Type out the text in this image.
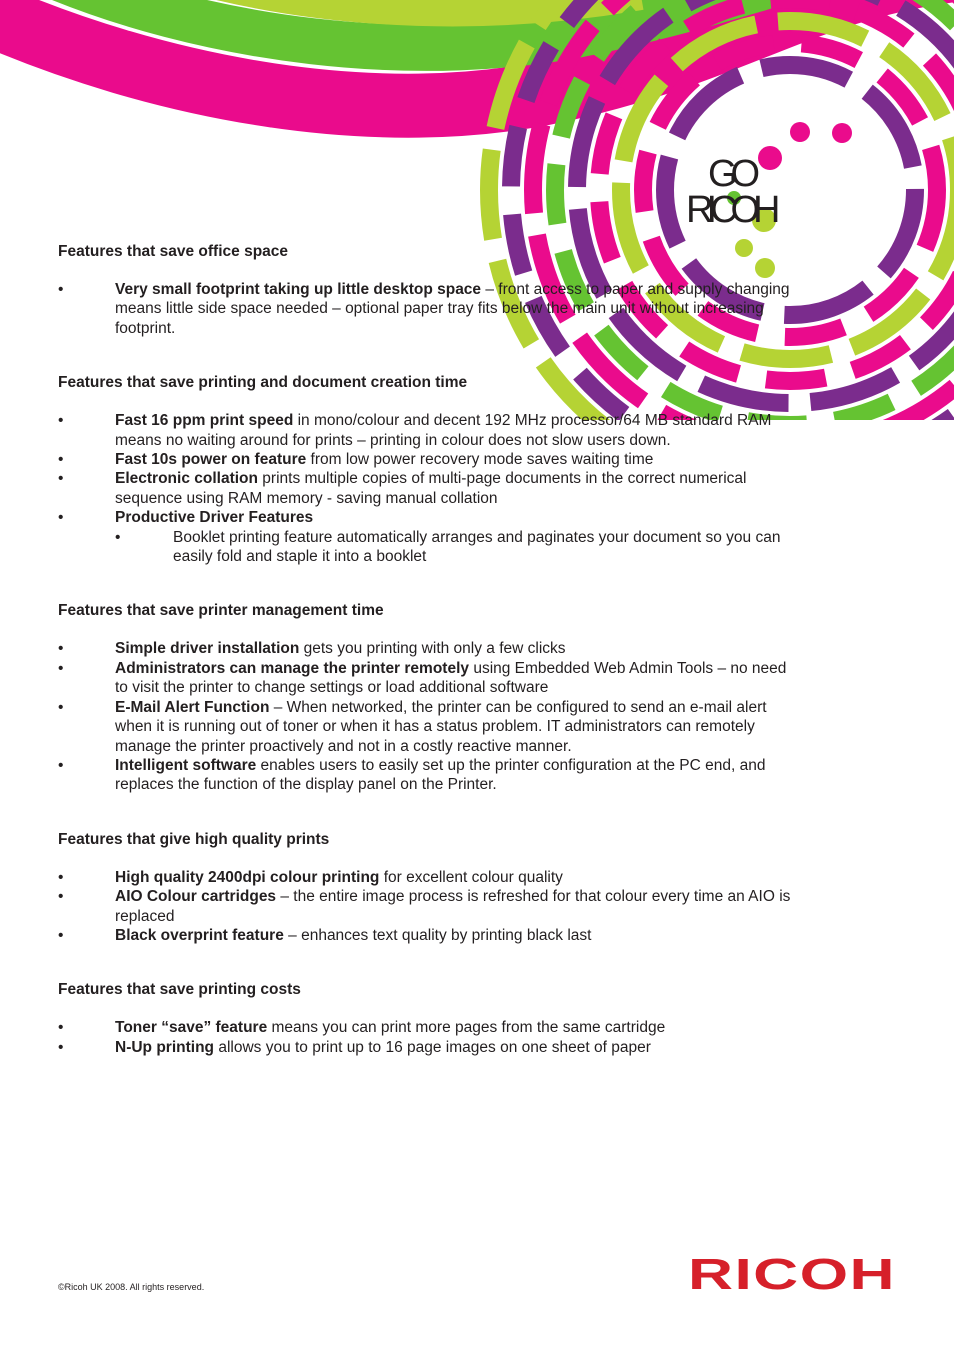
GO
RICOH
Features that save office space
•	Very small footprint taking up little desktop space – front access to paper and supply changing means little side space needed – optional paper tray fits below the main unit without increasing footprint.
Features that save printing and document creation time
•	Fast 16 ppm print speed in mono/colour and decent 192 MHz processor/64 MB standard RAM means no waiting around for prints – printing in colour does not slow users down.
•	Fast 10s power on feature from low power recovery mode saves waiting time
•	Electronic collation prints multiple copies of multi-page documents in the correct numerical sequence using RAM memory - saving manual collation
•	Productive Driver Features
•	Booklet printing feature automatically arranges and paginates your document so you can easily fold and staple it into a booklet
Features that save printer management time
•	Simple driver installation gets you printing with only a few clicks
•	Administrators can manage the printer remotely using Embedded Web Admin Tools – no need to visit the printer to change settings or load additional software
•	E-Mail Alert Function – When networked, the printer can be configured to send an e-mail alert when it is running out of toner or when it has a status problem. IT administrators can remotely manage the printer proactively and not in a costly reactive manner.
•	Intelligent software enables users to easily set up the printer configuration at the PC end, and replaces the function of the display panel on the Printer.
Features that give high quality prints
•	High quality 2400dpi colour printing for excellent colour quality
•	AIO Colour cartridges – the entire image process is refreshed for that colour every time an AIO is replaced
•	Black overprint feature – enhances text quality by printing black last
Features that save printing costs
•	Toner “save” feature means you can print more pages from the same cartridge
•	N-Up printing allows you to print up to 16 page images on one sheet of paper
©Ricoh UK 2008. All rights reserved.	RICOH
